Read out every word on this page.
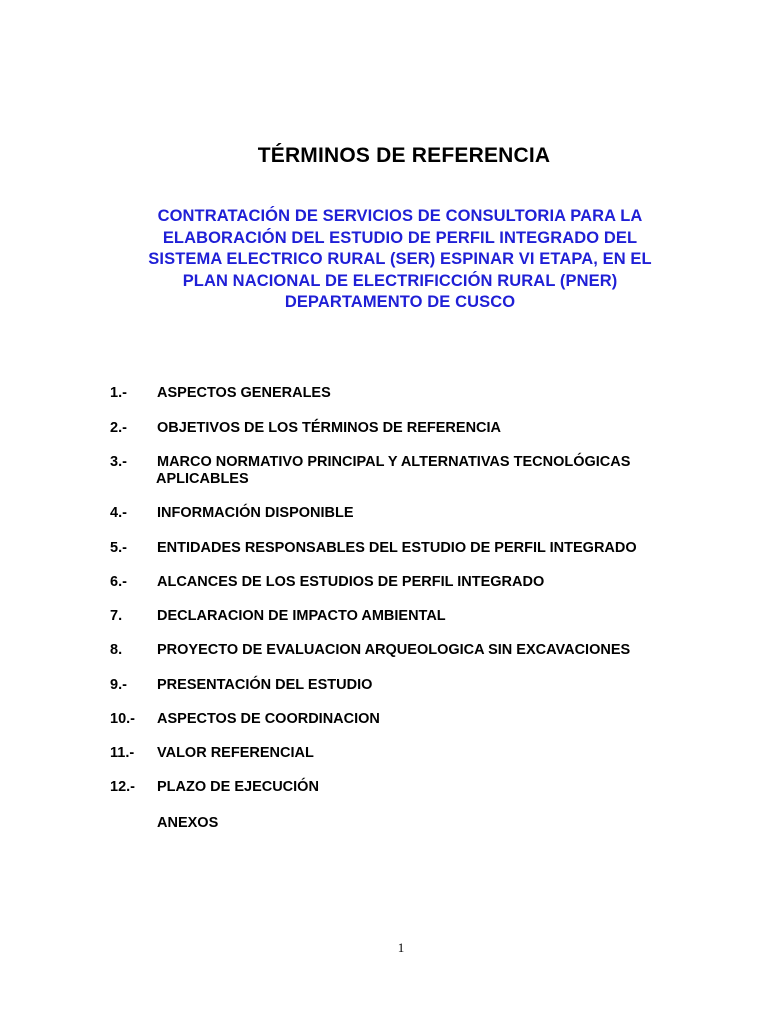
TÉRMINOS DE REFERENCIA
CONTRATACIÓN DE SERVICIOS DE CONSULTORIA PARA LA
ELABORACIÓN DEL ESTUDIO DE PERFIL INTEGRADO DEL
SISTEMA ELECTRICO RURAL (SER) ESPINAR VI ETAPA, EN EL
PLAN NACIONAL DE ELECTRIFICCIÓN RURAL (PNER)
DEPARTAMENTO DE CUSCO
1.- ASPECTOS GENERALES
2.- OBJETIVOS DE LOS TÉRMINOS DE REFERENCIA
3.- MARCO NORMATIVO PRINCIPAL Y ALTERNATIVAS TECNOLÓGICAS
APLICABLES
4.- INFORMACIÓN DISPONIBLE
5.- ENTIDADES RESPONSABLES DEL ESTUDIO DE PERFIL INTEGRADO
6.- ALCANCES DE LOS ESTUDIOS DE PERFIL INTEGRADO
7. DECLARACION DE IMPACTO AMBIENTAL
8. PROYECTO DE EVALUACION ARQUEOLOGICA SIN EXCAVACIONES
9.- PRESENTACIÓN DEL ESTUDIO
10.- ASPECTOS DE COORDINACION
11.- VALOR REFERENCIAL
12.- PLAZO DE EJECUCIÓN
ANEXOS
1
